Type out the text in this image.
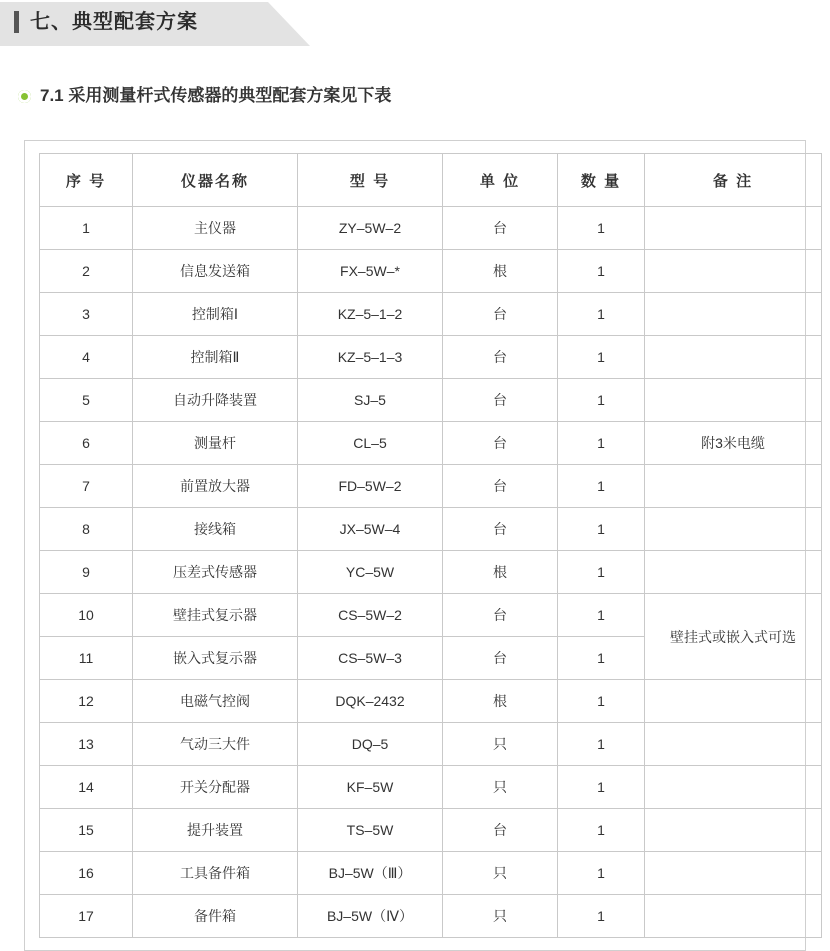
七、典型配套方案
7.1 采用测量杆式传感器的典型配套方案见下表
序 号	仪器名称	型 号	单 位	数 量	备 注
1	主仪器	ZY–5W–2	台	1	
2	信息发送箱	FX–5W–*	根	1	
3	控制箱Ⅰ	KZ–5–1–2	台	1	
4	控制箱Ⅱ	KZ–5–1–3	台	1	
5	自动升降装置	SJ–5	台	1	
6	测量杆	CL–5	台	1	附3米电缆
7	前置放大器	FD–5W–2	台	1	
8	接线箱	JX–5W–4	台	1	
9	压差式传感器	YC–5W	根	1	
10	壁挂式复示器	CS–5W–2	台	1	壁挂式或嵌入式可选
11	嵌入式复示器	CS–5W–3	台	1	
12	电磁气控阀	DQK–2432	根	1	
13	气动三大件	DQ–5	只	1	
14	开关分配器	KF–5W	只	1	
15	提升装置	TS–5W	台	1	
16	工具备件箱	BJ–5W（Ⅲ）	只	1	
17	备件箱	BJ–5W（Ⅳ）	只	1	
